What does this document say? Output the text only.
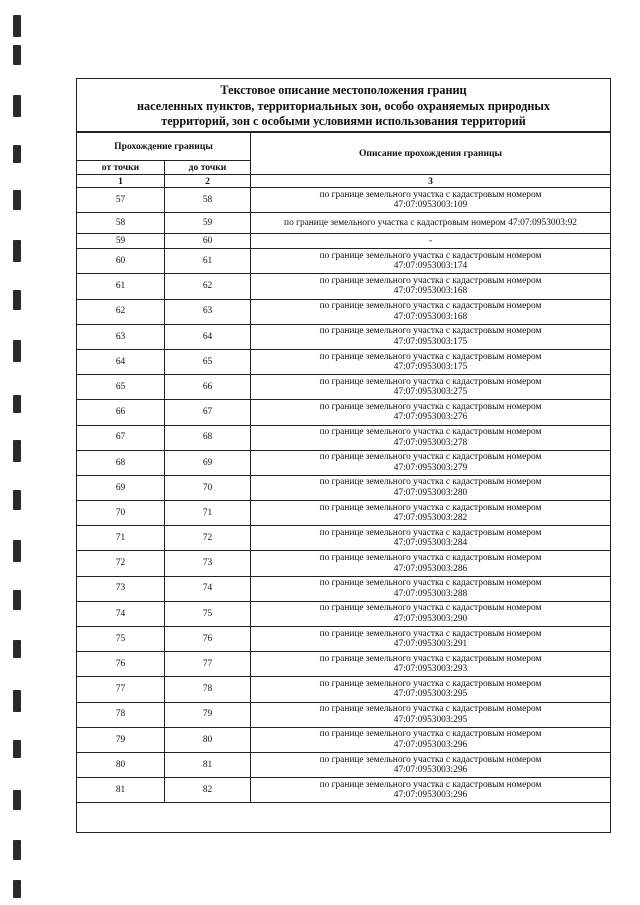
Текстовое описание местоположения границ
населенных пунктов, территориальных зон, особо охраняемых природных
территорий, зон с особыми условиями использования территорий
Прохождение границы		Описание прохождения границы
от точки	до точки	
1	2	3
57	58	по границе земельного участка с кадастровым номером
47:07:0953003:109

58	59	по границе земельного участка с кадастровым номером 47:07:0953003:92

59	60	-

60	61	по границе земельного участка с кадастровым номером
47:07:0953003:174

61	62	по границе земельного участка с кадастровым номером
47:07:0953003:168

62	63	по границе земельного участка с кадастровым номером
47:07:0953003:168

63	64	по границе земельного участка с кадастровым номером
47:07:0953003:175

64	65	по границе земельного участка с кадастровым номером
47:07:0953003:175

65	66	по границе земельного участка с кадастровым номером
47:07:0953003:275

66	67	по границе земельного участка с кадастровым номером
47:07:0953003:276

67	68	по границе земельного участка с кадастровым номером
47:07:0953003:278

68	69	по границе земельного участка с кадастровым номером
47:07:0953003:279

69	70	по границе земельного участка с кадастровым номером
47:07:0953003:280

70	71	по границе земельного участка с кадастровым номером
47:07:0953003:282

71	72	по границе земельного участка с кадастровым номером
47:07:0953003:284

72	73	по границе земельного участка с кадастровым номером
47:07:0953003:286

73	74	по границе земельного участка с кадастровым номером
47:07:0953003:288

74	75	по границе земельного участка с кадастровым номером
47:07:0953003:290

75	76	по границе земельного участка с кадастровым номером
47:07:0953003:291

76	77	по границе земельного участка с кадастровым номером
47:07:0953003:293

77	78	по границе земельного участка с кадастровым номером
47:07:0953003:295

78	79	по границе земельного участка с кадастровым номером
47:07:0953003:295

79	80	по границе земельного участка с кадастровым номером
47:07:0953003:296

80	81	по границе земельного участка с кадастровым номером
47:07:0953003:296

81	82	по границе земельного участка с кадастровым номером
47:07:0953003:296
